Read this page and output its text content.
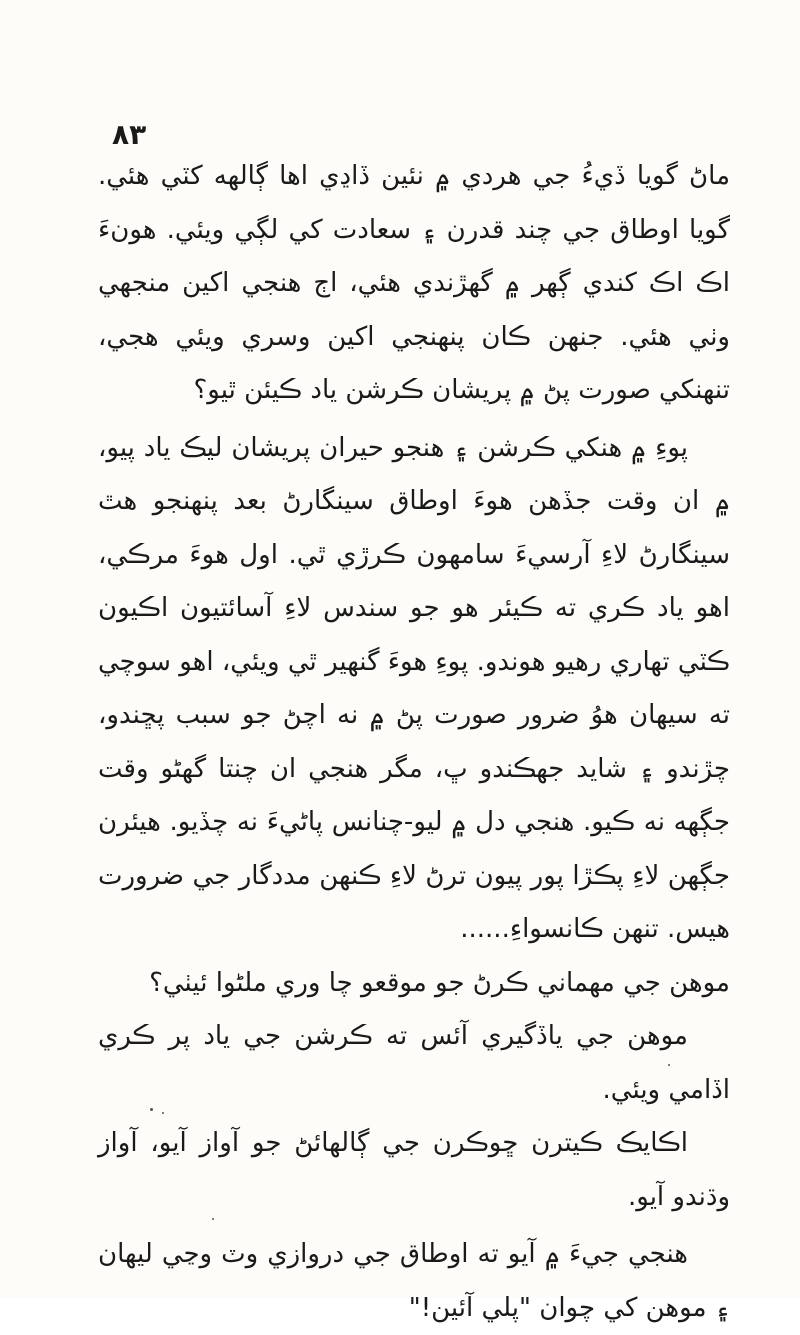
٨٣

ماڻ گويا ڏيءُ جي هردي ۾ نئين ڏاڍي اها ڳالهه کٽي هئي. گويا اوطاق جي چند قدرن ۽ سعادت کي لڳي ويئي. هونءَ اڪ اڪ کندي ڳهر ۾ گهڙندي هئي، اڄ هنجي اکين منجهي وٺي هئي. جنهن ڪان پنهنجي اکين وسري ويئي هجي، تنهنکي صورت پڻ ۾ پريشان ڪرشن ياد ڪيئن ٿيو؟

پوءِ ۾ هنکي ڪرشن ۽ هنجو حيران پريشان ليڪ ياد پيو، ۾ ان وقت جڏهن هوءَ اوطاق سينگارڻ بعد پنهنجو هٿ سينگارڻ لاءِ آرسيءَ سامهون ڪرڙي ٿي. اول هوءَ مرڪي، اهو ياد ڪري ته ڪيئر هو جو سندس لاءِ آسائتيون اڪيون ڪٽي تهاري رهيو هوندو. پوءِ هوءَ گنهير ٿي ويئي، اهو سوچي ته سيهان هوُ ضرور صورت پڻ ۾ نه اچڻ جو سبب پڇندو، چڙندو ۽ شايد جهڪندو ڀ، مگر هنجي ان چنتا گهڻو وقت جڳهه نه ڪيو. هنجي دل ۾ ليو-چنانس پاڻيءَ نه چڏيو. هيئرن جڳهن لاءِ پڪڙا پور پيون ترڻ لاءِ ڪنهن مددگار جي ضرورت هيس. تنهن ڪانسواءِ......

موهن جي مهماني ڪرڻ جو موقعو چا وري ملڻوا ئيٺي؟

موهن جي ياڏگيري آئس ته ڪرشن جي ياد پر ڪري اڏامي ويئي.

اڪايڪ ڪيترن ڇوڪرن جي ڳالهائڻ جو آواز آيو، آواز وڌندو آيو.

هنجي جيءَ ۾ آيو ته اوطاق جي دروازي وٽ وڃي ليهان ۽ موهن کي چوان "پلي آئين!"
